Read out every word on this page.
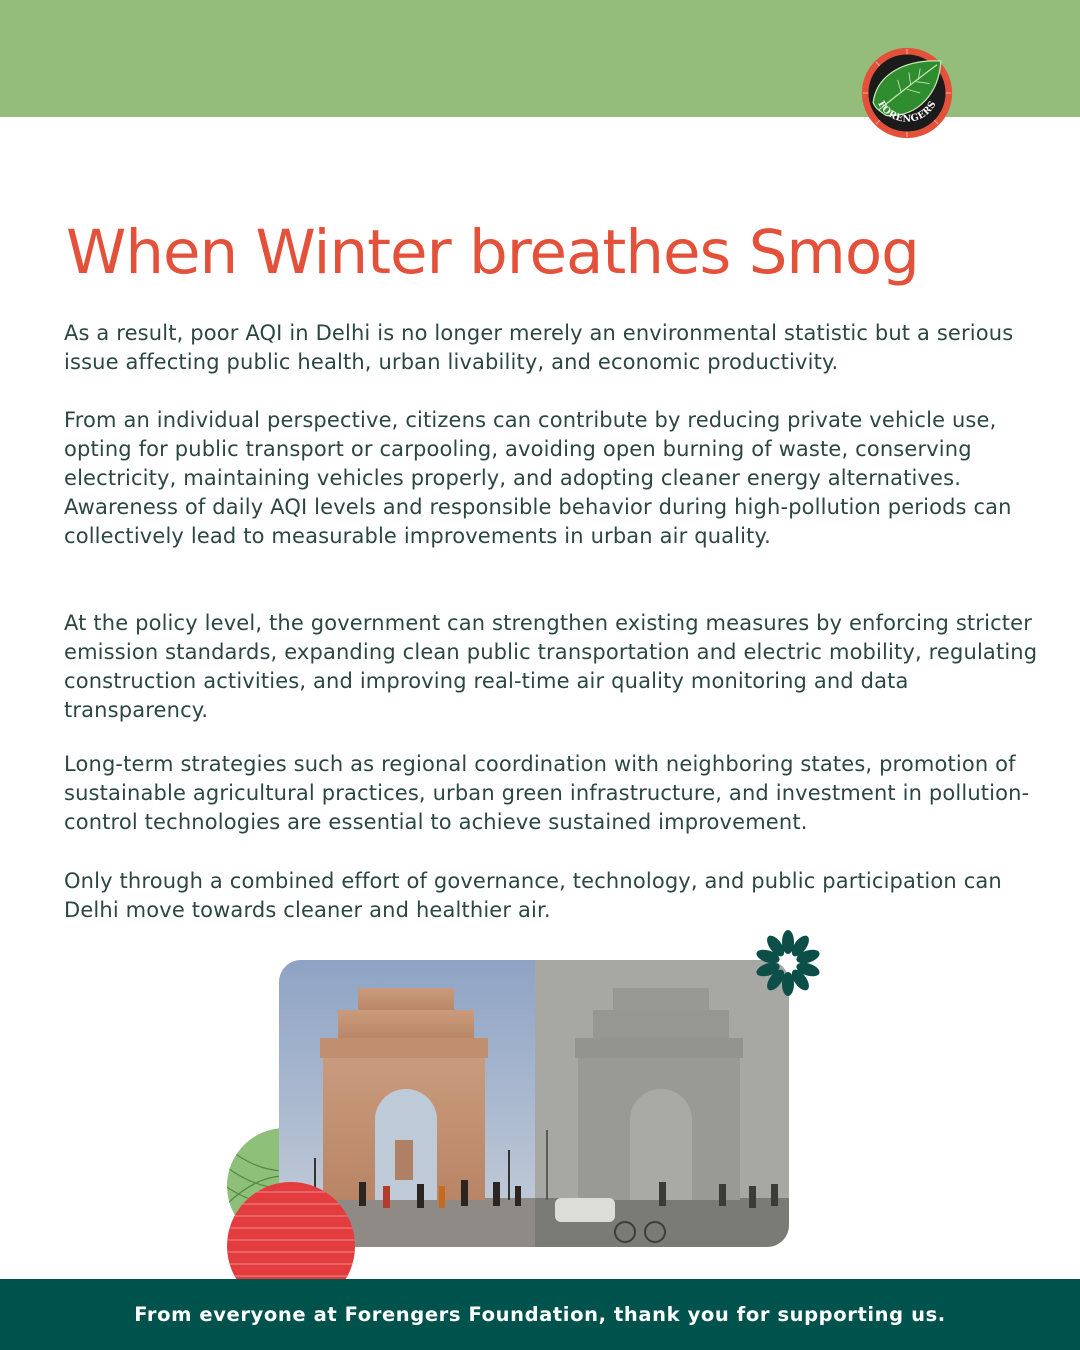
FORENGERS
When Winter breathes Smog

As a result, poor AQI in Delhi is no longer merely an environmental statistic but a serious issue affecting public health, urban livability, and economic productivity.

From an individual perspective, citizens can contribute by reducing private vehicle use, opting for public transport or carpooling, avoiding open burning of waste, conserving electricity, maintaining vehicles properly, and adopting cleaner energy alternatives. Awareness of daily AQI levels and responsible behavior during high-pollution periods can collectively lead to measurable improvements in urban air quality.

At the policy level, the government can strengthen existing measures by enforcing stricter emission standards, expanding clean public transportation and electric mobility, regulating construction activities, and improving real-time air quality monitoring and data transparency.

Long-term strategies such as regional coordination with neighboring states, promotion of sustainable agricultural practices, urban green infrastructure, and investment in pollution-control technologies are essential to achieve sustained improvement.

Only through a combined effort of governance, technology, and public participation can Delhi move towards cleaner and healthier air.

From everyone at Forengers Foundation, thank you for supporting us.
